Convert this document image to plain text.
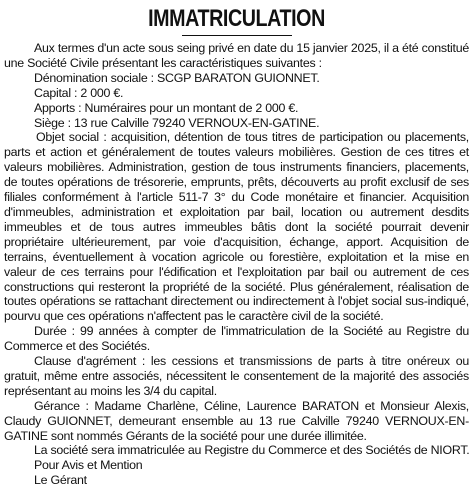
IMMATRICULATION

Aux termes d'un acte sous seing privé en date du 15 janvier 2025, il a été constitué une Société Civile présentant les caractéristiques suivantes :

Dénomination sociale : SCGP BARATON GUIONNET.

Capital : 2 000 €.

Apports : Numéraires pour un montant de 2 000 €.

Siège : 13 rue Calville 79240 VERNOUX-EN-GATINE.

Objet social : acquisition, détention de tous titres de participation ou placements, parts et action et généralement de toutes valeurs mobilières. Gestion de ces titres et valeurs mobilières. Administration, gestion de tous instruments financiers, placements, de toutes opérations de trésorerie, emprunts, prêts, découverts au profit exclusif de ses filiales conformément à l'article 511-7 3° du Code monétaire et financier. Acquisition d'immeubles, administration et exploitation par bail, location ou autrement desdits immeubles et de tous autres immeubles bâtis dont la société pourrait devenir propriétaire ultérieurement, par voie d'acquisition, échange, apport. Acquisition de terrains, éventuellement à vocation agricole ou forestière, exploitation et la mise en valeur de ces terrains pour l'édification et l'exploitation par bail ou autrement de ces constructions qui resteront la propriété de la société. Plus généralement, réalisation de toutes opérations se rattachant directement ou indirectement à l'objet social sus-indiqué, pourvu que ces opérations n'affectent pas le caractère civil de la société.

Durée : 99 années à compter de l'immatriculation de la Société au Registre du Commerce et des Sociétés.

Clause d'agrément : les cessions et transmissions de parts à titre onéreux ou gratuit, même entre associés, nécessitent le consentement de la majorité des associés représentant au moins les 3/4 du capital.

Gérance : Madame Charlène, Céline, Laurence BARATON et Monsieur Alexis, Claudy GUIONNET, demeurant ensemble au 13 rue Calville 79240 VERNOUX-EN-GATINE sont nommés Gérants de la société pour une durée illimitée.

La société sera immatriculée au Registre du Commerce et des Sociétés de NIORT.

Pour Avis et Mention

Le Gérant
